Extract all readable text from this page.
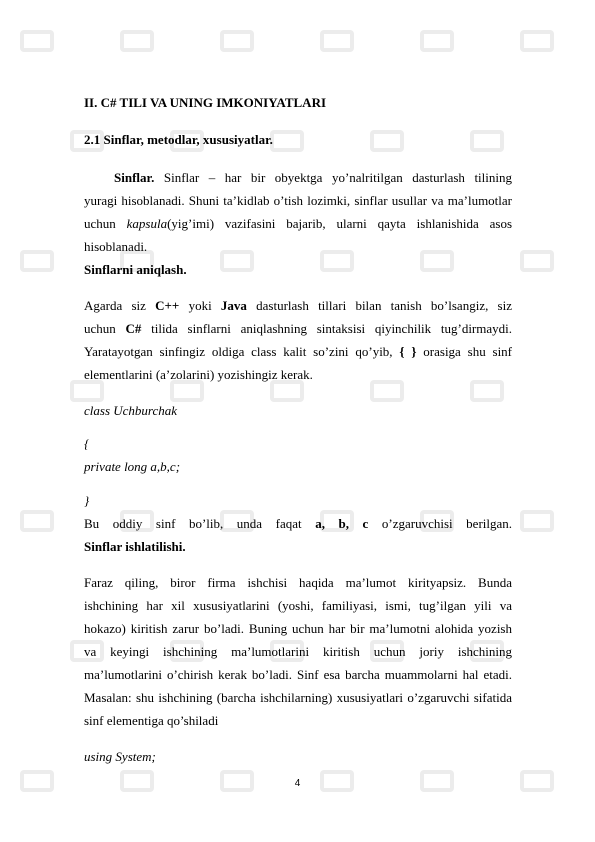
II. C# TILI VA UNING IMKONIYATLARI
2.1 Sinflar, metodlar, xususiyatlar.
Sinflar. Sinflar – har bir obyektga yo’nalritilgan dasturlash tilining
yuragi hisoblanadi. Shuni ta’kidlab o’tish lozimki, sinflar usullar va ma’lumotlar
uchun kapsula(yig’imi) vazifasini bajarib, ularni qayta ishlanishida asos
hisoblanadi.
Sinflarni aniqlash.
Agarda siz C++ yoki Java dasturlash tillari bilan tanish bo’lsangiz, siz
uchun C# tilida sinflarni aniqlashning sintaksisi qiyinchilik tug’dirmaydi.
Yaratayotgan sinfingiz oldiga class kalit so’zini qo’yib, { } orasiga shu sinf
elementlarini (a’zolarini) yozishingiz kerak.
class Uchburchak
{
private long a,b,c;
}
Bu oddiy sinf bo’lib, unda faqat a, b, c o’zgaruvchisi berilgan.
Sinflar ishlatilishi.
Faraz qiling, biror firma ishchisi haqida ma’lumot kirityapsiz. Bunda
ishchining har xil xususiyatlarini (yoshi, familiyasi, ismi, tug’ilgan yili va
hokazo) kiritish zarur bo’ladi. Buning uchun har bir ma’lumotni alohida yozish
va keyingi ishchining ma’lumotlarini kiritish uchun joriy ishchining
ma’lumotlarini o’chirish kerak bo’ladi. Sinf esa barcha muammolarni hal etadi.
Masalan: shu ishchining (barcha ishchilarning) xususiyatlari o’zgaruvchi sifatida
sinf elementiga qo’shiladi
using System;
4
